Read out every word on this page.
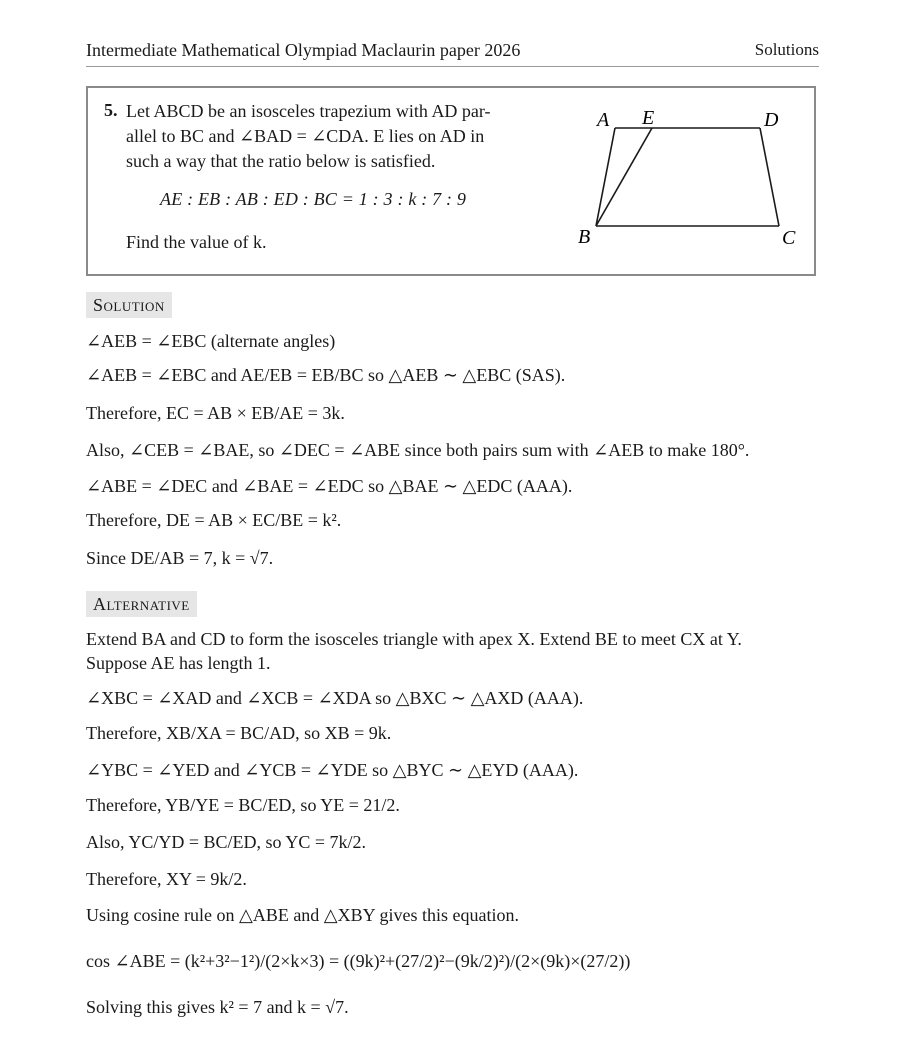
Intermediate Mathematical Olympiad Maclaurin paper 2026	Solutions
5. Let ABCD be an isosceles trapezium with AD par-
allel to BC and ∠BAD = ∠CDA. E lies on AD in
such a way that the ratio below is satisfied.
AE : EB : AB : ED : BC = 1 : 3 : k : 7 : 9
Find the value of k.
A E	D
B	C
Solution
∠AEB = ∠EBC (alternate angles)
∠AEB = ∠EBC and AE/EB = EB/BC so △AEB ∼ △EBC (SAS).
Therefore, EC = AB × EB/AE = 3k.
Also, ∠CEB = ∠BAE, so ∠DEC = ∠ABE since both pairs sum with ∠AEB to make 180°.
∠ABE = ∠DEC and ∠BAE = ∠EDC so △BAE ∼ △EDC (AAA).
Therefore, DE = AB × EC/BE = k².
Since DE/AB = 7, k = √7.
Alternative
Extend BA and CD to form the isosceles triangle with apex X. Extend BE to meet CX at Y.
Suppose AE has length 1.
∠XBC = ∠XAD and ∠XCB = ∠XDA so △BXC ∼ △AXD (AAA).
Therefore, XB/XA = BC/AD, so XB = 9k.
∠YBC = ∠YED and ∠YCB = ∠YDE so △BYC ∼ △EYD (AAA).
Therefore, YB/YE = BC/ED, so YE = 21/2.
Also, YC/YD = BC/ED, so YC = 7k/2.
Therefore, XY = 9k/2.
Using cosine rule on △ABE and △XBY gives this equation.
cos ∠ABE = (k²+3²−1²)/(2×k×3) = ((9k)²+(27/2)²−(9k/2)²)/(2×(9k)×(27/2))
Solving this gives k² = 7 and k = √7.
